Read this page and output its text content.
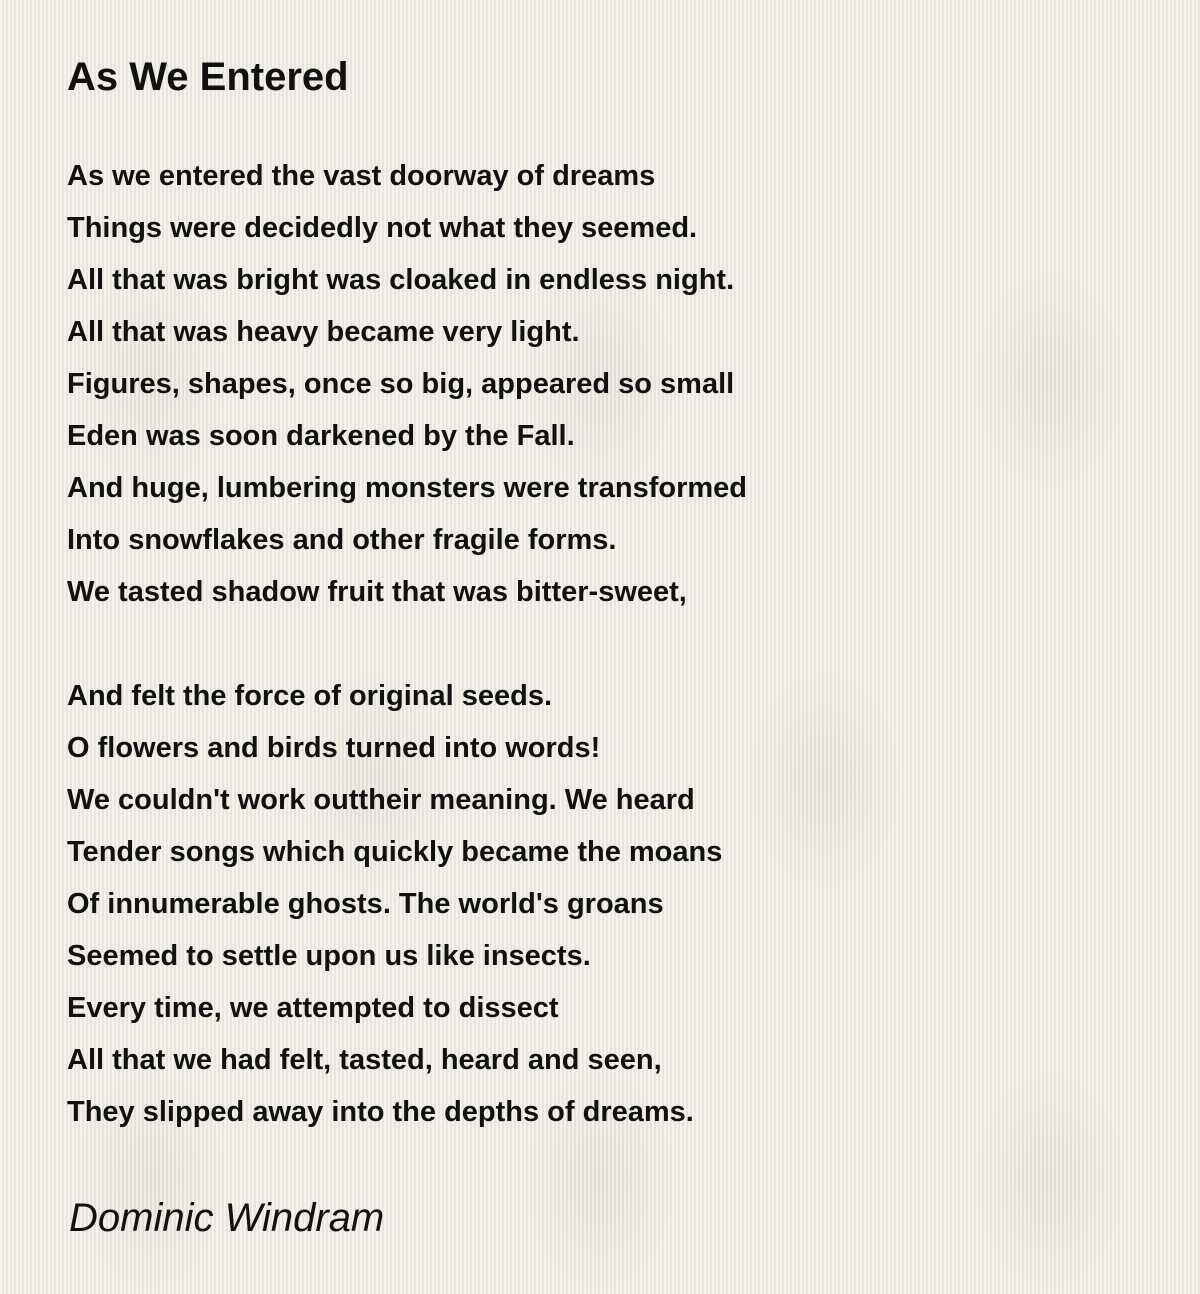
As We Entered
As we entered the vast doorway of dreams
Things were decidedly not what they seemed.
All that was bright was cloaked in endless night.
All that was heavy became very light.
Figures, shapes, once so big, appeared so small
Eden was soon darkened by the Fall.
And huge, lumbering monsters were transformed
Into snowflakes and other fragile forms.
We tasted shadow fruit that was bitter-sweet,
And felt the force of original seeds.
O flowers and birds turned into words!
We couldn't work outtheir meaning. We heard
Tender songs which quickly became the moans
Of innumerable ghosts. The world's groans
Seemed to settle upon us like insects.
Every time, we attempted to dissect
All that we had felt, tasted, heard and seen,
They slipped away into the depths of dreams.

Dominic Windram
